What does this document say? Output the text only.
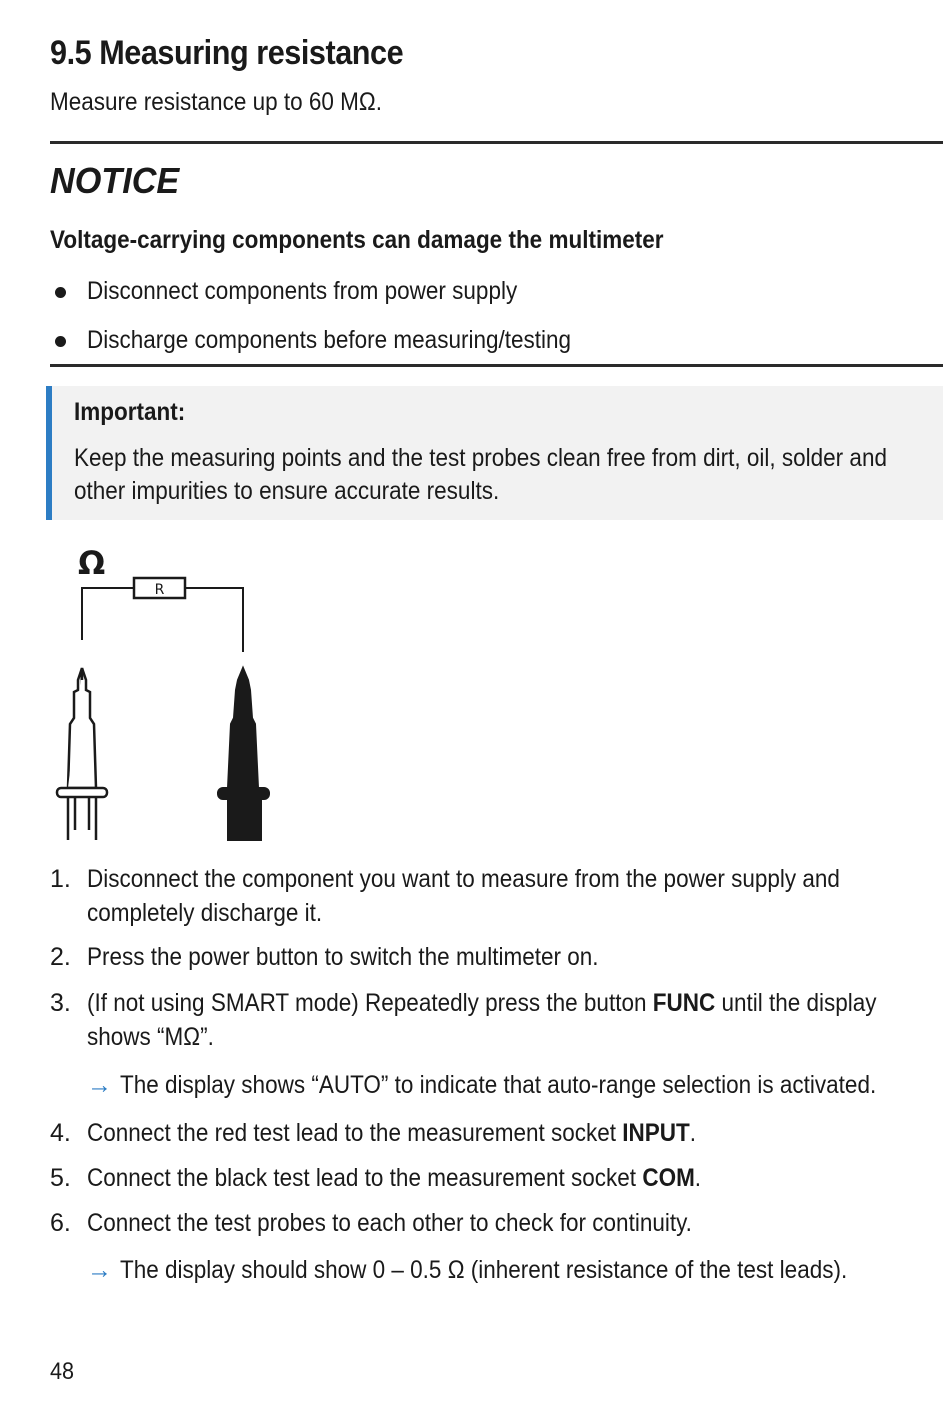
9.5 Measuring resistance
Measure resistance up to 60 MΩ.
NOTICE
Voltage-carrying components can damage the multimeter
Disconnect components from power supply
Discharge components before measuring/testing
Important:
Keep the measuring points and the test probes clean free from dirt, oil, solder and other impurities to ensure accurate results.
Ω
R
1. Disconnect the component you want to measure from the power supply and completely discharge it.
2. Press the power button to switch the multimeter on.
3. (If not using SMART mode) Repeatedly press the button FUNC until the display shows “MΩ”.
→ The display shows “AUTO” to indicate that auto-range selection is activated.
4. Connect the red test lead to the measurement socket INPUT.
5. Connect the black test lead to the measurement socket COM.
6. Connect the test probes to each other to check for continuity.
→ The display should show 0 – 0.5 Ω (inherent resistance of the test leads).
48
